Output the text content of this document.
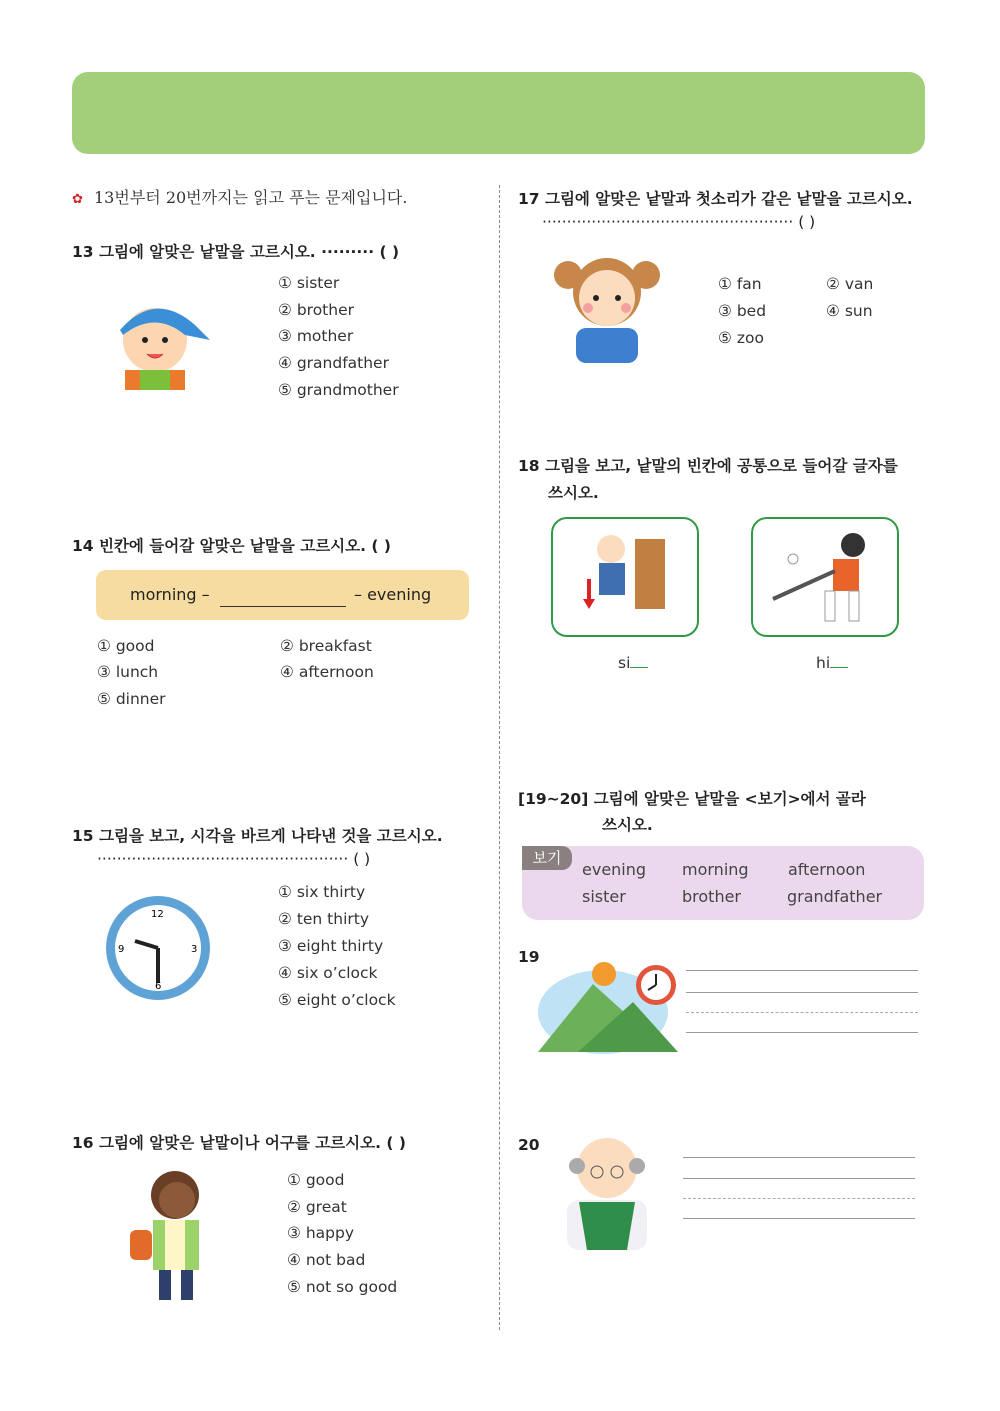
✿ 13번부터 20번까지는 읽고 푸는 문제입니다.
13 그림에 알맞은 낱말을 고르시오. ········· ( )
① sister
② brother
③ mother
④ grandfather
⑤ grandmother
14 빈칸에 들어갈 알맞은 낱말을 고르시오. ( )
morning –	– evening
① good	② breakfast
③ lunch	④ afternoon
⑤ dinner
15 그림을 보고, 시각을 바르게 나타낸 것을 고르시오.
··················································· ( )
12
3
6
9
① six thirty
② ten thirty
③ eight thirty
④ six o’clock
⑤ eight o’clock
16 그림에 알맞은 낱말이나 어구를 고르시오. ( )
① good
② great
③ happy
④ not bad
⑤ not so good
17 그림에 알맞은 낱말과 첫소리가 같은 낱말을 고르시오.
··················································· ( )
① fan	② van
③ bed	④ sun
⑤ zoo
18 그림을 보고, 낱말의 빈칸에 공통으로 들어갈 글자를
쓰시오.
si	hi
[19~20] 그림에 알맞은 낱말을 <보기>에서 골라
쓰시오.
보기
evening morning afternoon
sister	brother	grandfather
19
20
